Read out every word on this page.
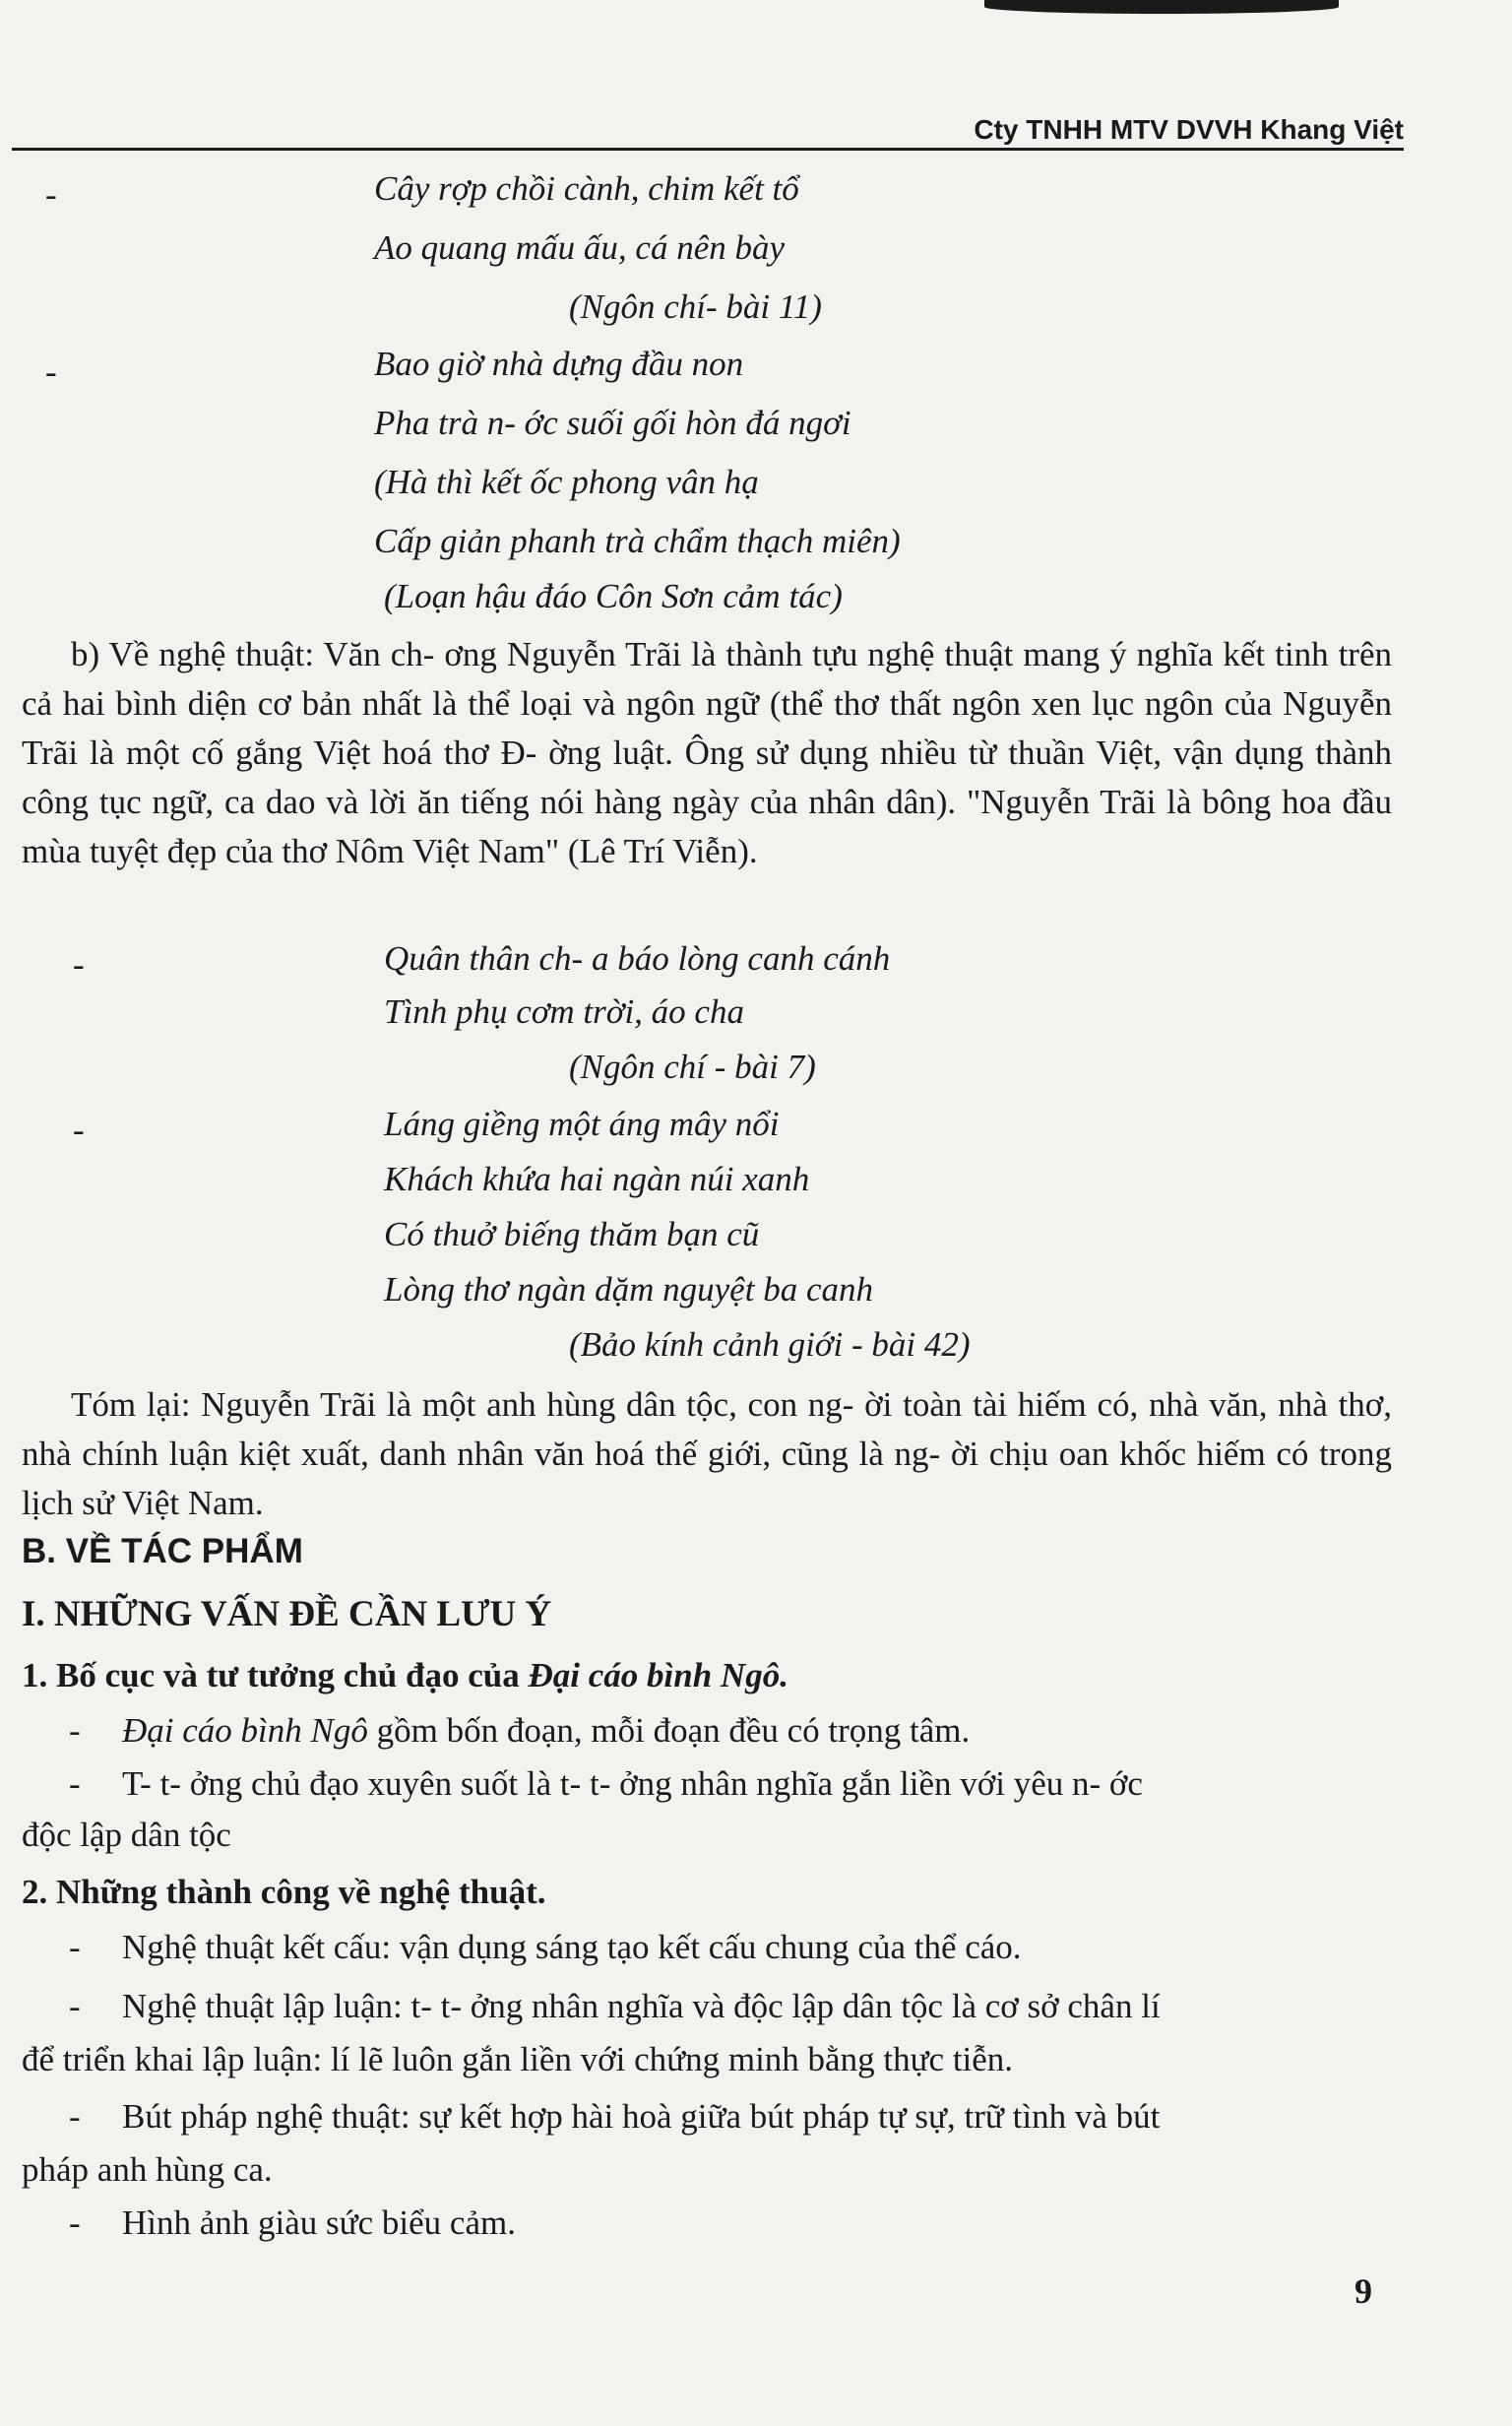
Cty TNHH MTV DVVH Khang Việt
-	Cây rợp chồi cành, chim kết tổ
Ao quang mấu ấu, cá nên bày
(Ngôn chí- bài 11)
-	Bao giờ nhà dựng đầu non
Pha trà n- ớc suối gối hòn đá ngơi
(Hà thì kết ốc phong vân hạ
Cấp giản phanh trà chẩm thạch miên)
(Loạn hậu đáo Côn Sơn cảm tác)
b) Về nghệ thuật: Văn ch- ơng Nguyễn Trãi là thành tựu nghệ thuật mang ý nghĩa kết tinh trên cả hai bình diện cơ bản nhất là thể loại và ngôn ngữ (thể thơ thất ngôn xen lục ngôn của Nguyễn Trãi là một cố gắng Việt hoá thơ Đ- ờng luật. Ông sử dụng nhiều từ thuần Việt, vận dụng thành công tục ngữ, ca dao và lời ăn tiếng nói hàng ngày của nhân dân). "Nguyễn Trãi là bông hoa đầu mùa tuyệt đẹp của thơ Nôm Việt Nam" (Lê Trí Viễn).
-	Quân thân ch- a báo lòng canh cánh
Tình phụ cơm trời, áo cha
(Ngôn chí - bài 7)
-	Láng giềng một áng mây nổi
Khách khứa hai ngàn núi xanh
Có thuở biếng thăm bạn cũ
Lòng thơ ngàn dặm nguyệt ba canh
(Bảo kính cảnh giới - bài 42)
Tóm lại: Nguyễn Trãi là một anh hùng dân tộc, con ng- ời toàn tài hiếm có, nhà văn, nhà thơ, nhà chính luận kiệt xuất, danh nhân văn hoá thế giới, cũng là ng- ời chịu oan khốc hiếm có trong lịch sử Việt Nam.
B. VỀ TÁC PHẨM
I. NHỮNG VẤN ĐỀ CẦN LƯU Ý
1. Bố cục và tư tưởng chủ đạo của Đại cáo bình Ngô.
- Đại cáo bình Ngô gồm bốn đoạn, mỗi đoạn đều có trọng tâm.
- T- t- ởng chủ đạo xuyên suốt là t- t- ởng nhân nghĩa gắn liền với yêu n- ớc
độc lập dân tộc
2. Những thành công về nghệ thuật.
- Nghệ thuật kết cấu: vận dụng sáng tạo kết cấu chung của thể cáo.
- Nghệ thuật lập luận: t- t- ởng nhân nghĩa và độc lập dân tộc là cơ sở chân lí
để triển khai lập luận: lí lẽ luôn gắn liền với chứng minh bằng thực tiễn.
- Bút pháp nghệ thuật: sự kết hợp hài hoà giữa bút pháp tự sự, trữ tình và bút
pháp anh hùng ca.
- Hình ảnh giàu sức biểu cảm.
9
